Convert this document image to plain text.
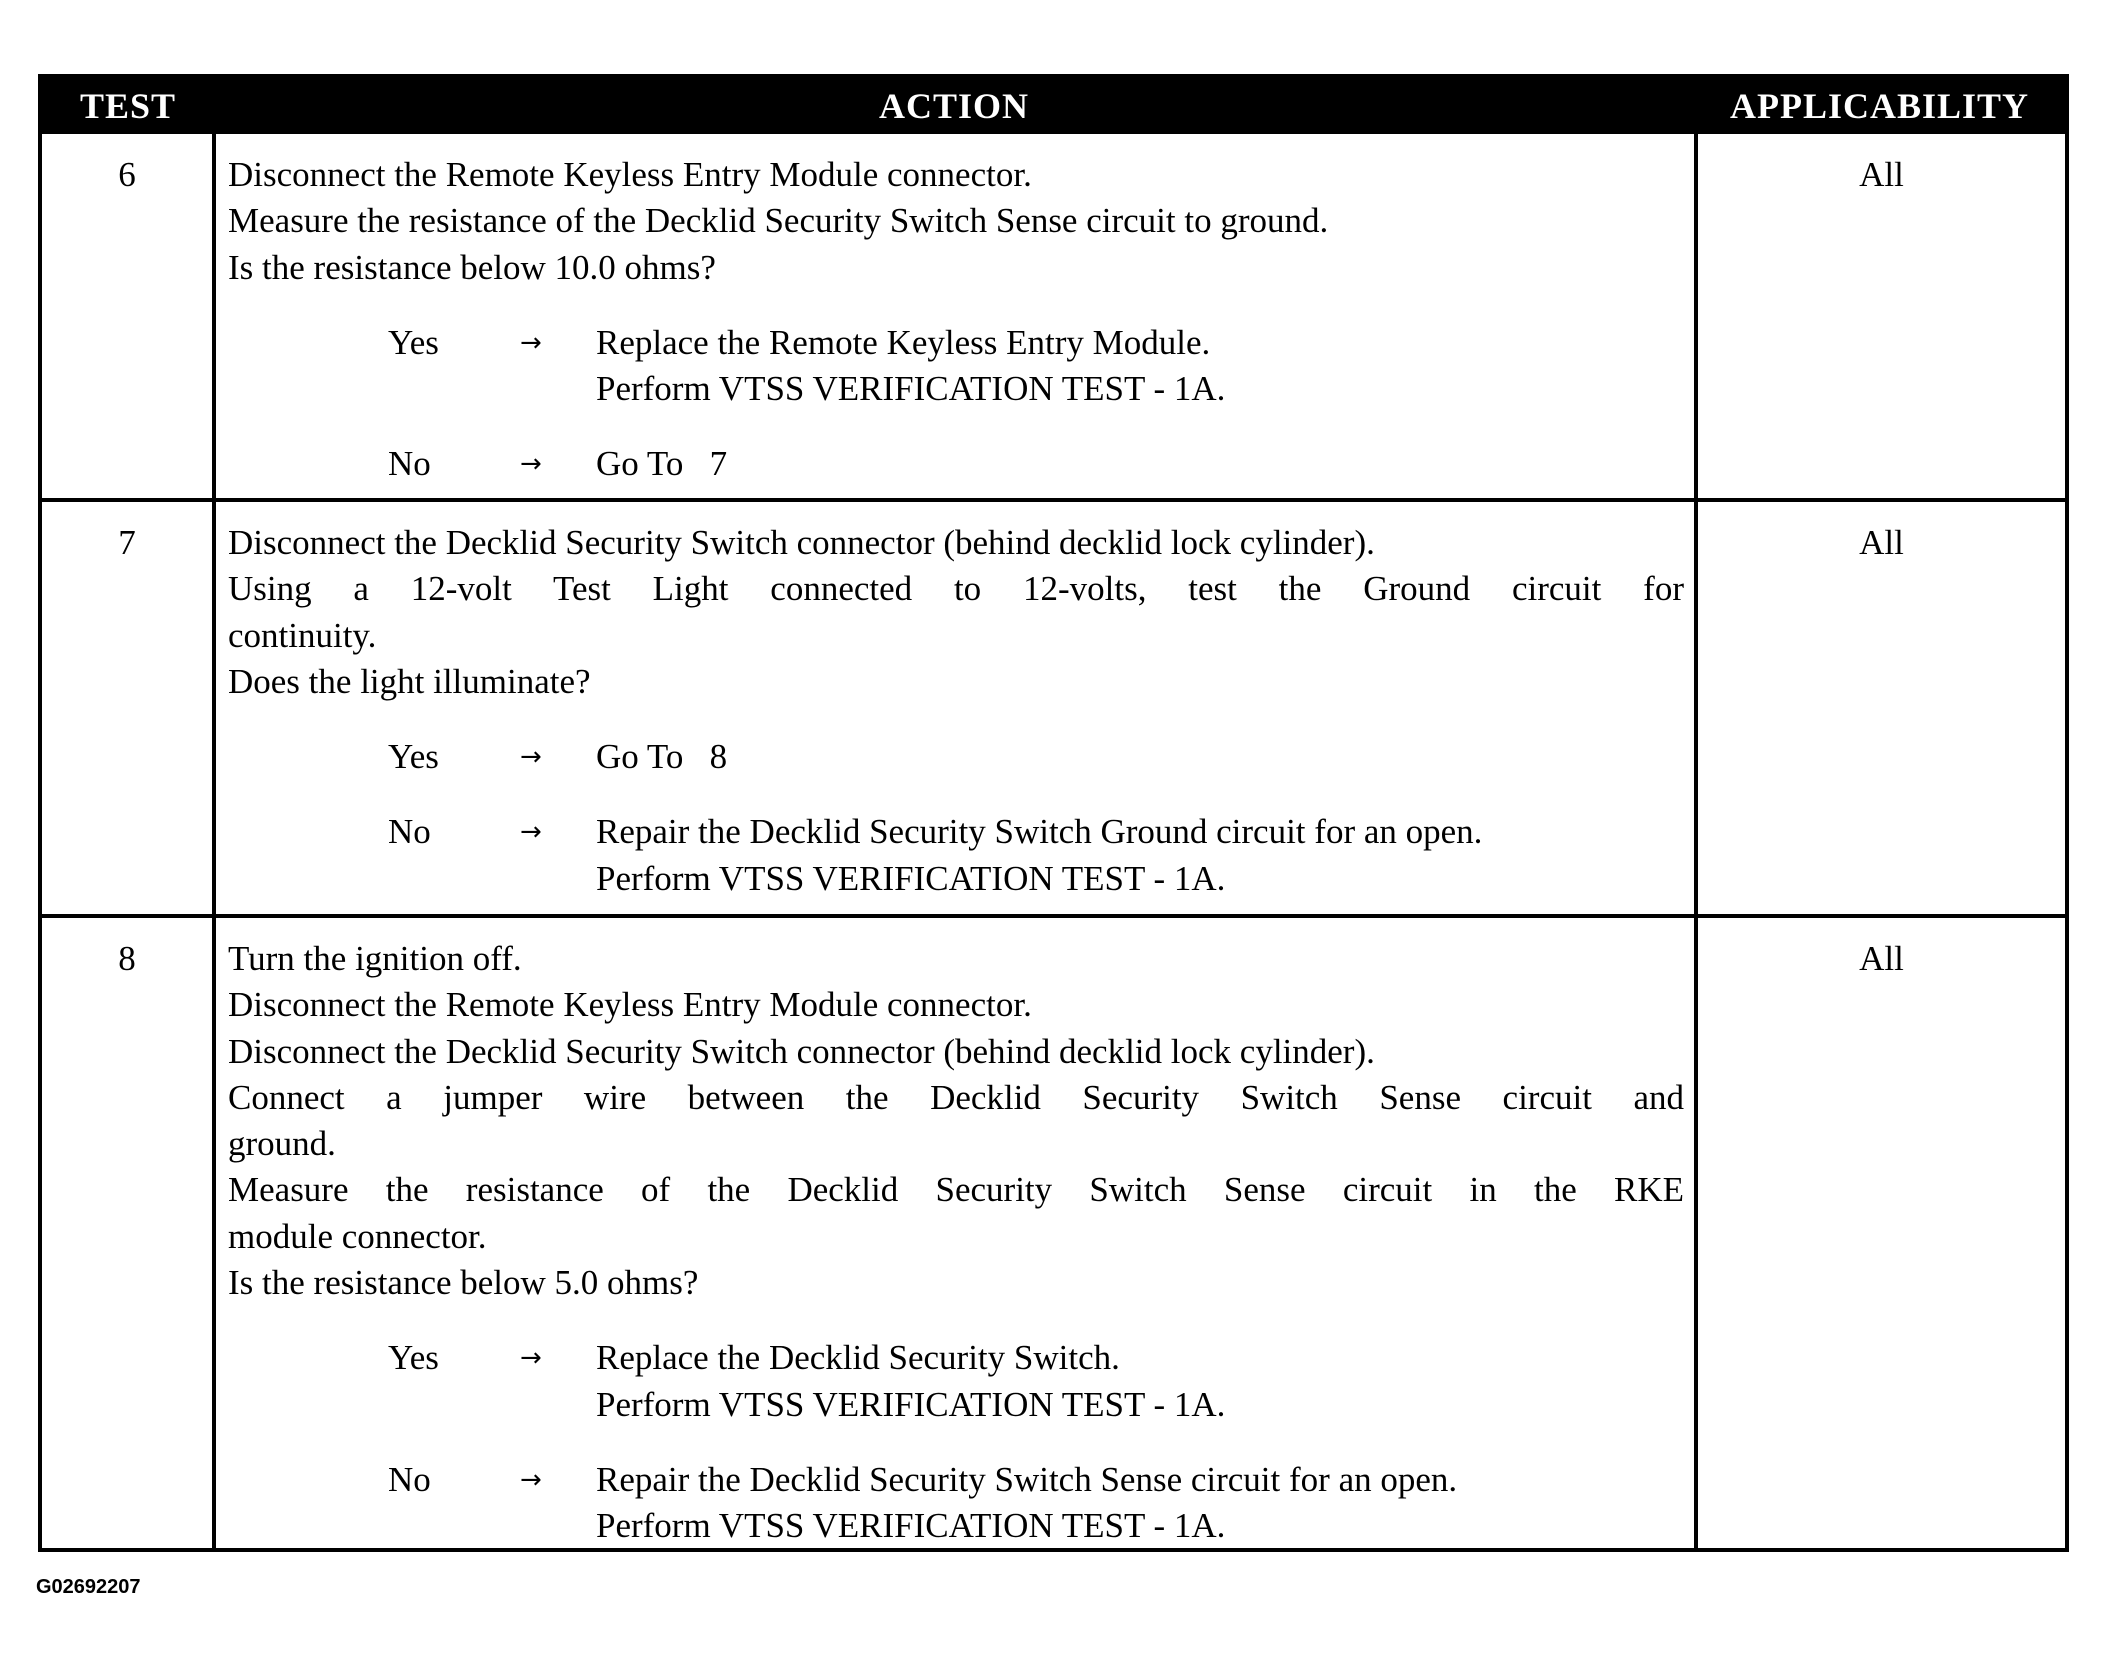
TEST	ACTION	APPLICABILITY
6	Disconnect the Remote Keyless Entry Module connector.
Measure the resistance of the Decklid Security Switch Sense circuit to ground.
Is the resistance below 10.0 ohms?
Yes	→	Replace the Remote Keyless Entry Module.
Perform VTSS VERIFICATION TEST - 1A.
No	→	Go To   7
All
7	Disconnect the Decklid Security Switch connector (behind decklid lock cylinder).
Using a 12-volt Test Light connected to 12-volts, test the Ground circuit for
continuity.
Does the light illuminate?
Yes	→	Go To   8
No	→	Repair the Decklid Security Switch Ground circuit for an open.
Perform VTSS VERIFICATION TEST - 1A.
All
8	Turn the ignition off.
Disconnect the Remote Keyless Entry Module connector.
Disconnect the Decklid Security Switch connector (behind decklid lock cylinder).
Connect a jumper wire between the Decklid Security Switch Sense circuit and
ground.
Measure the resistance of the Decklid Security Switch Sense circuit in the RKE
module connector.
Is the resistance below 5.0 ohms?
Yes	→	Replace the Decklid Security Switch.
Perform VTSS VERIFICATION TEST - 1A.
No	→	Repair the Decklid Security Switch Sense circuit for an open.
Perform VTSS VERIFICATION TEST - 1A.
All
G02692207
